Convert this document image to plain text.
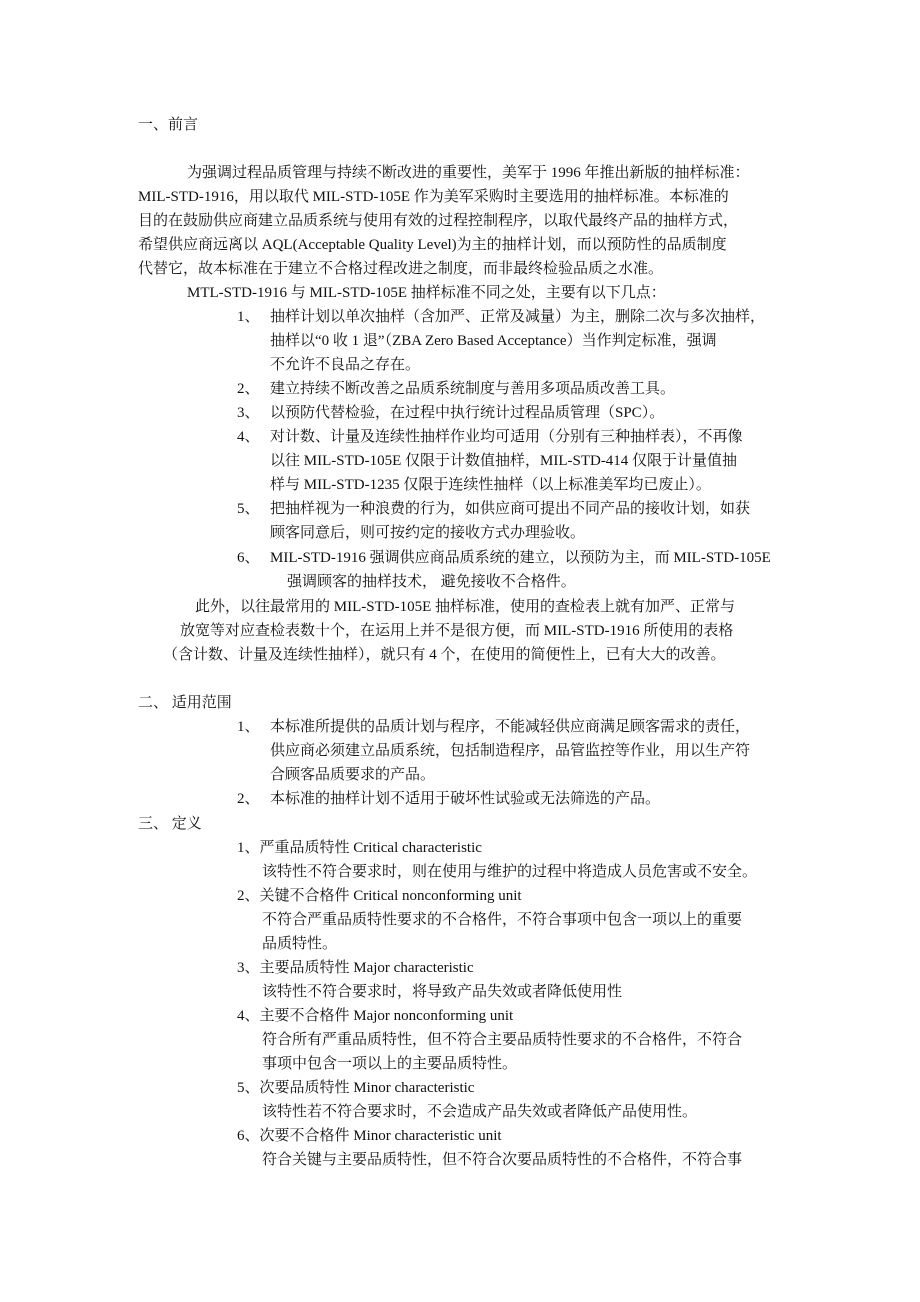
一、前言
为强调过程品质管理与持续不断改进的重要性，美军于 1996 年推出新版的抽样标准：
MIL-STD-1916，用以取代 MIL-STD-105E 作为美军采购时主要选用的抽样标准。本标准的
目的在鼓励供应商建立品质系统与使用有效的过程控制程序，以取代最终产品的抽样方式，
希望供应商远离以 AQL(Acceptable Quality Level)为主的抽样计划，而以预防性的品质制度
代替它，故本标准在于建立不合格过程改进之制度，而非最终检验品质之水准。
MTL-STD-1916 与 MIL-STD-105E 抽样标准不同之处，主要有以下几点：
1、 抽样计划以单次抽样（含加严、正常及减量）为主，删除二次与多次抽样，
抽样以“0 收 1 退”（ZBA Zero Based Acceptance）当作判定标准，强调
不允许不良品之存在。
2、 建立持续不断改善之品质系统制度与善用多项品质改善工具。
3、 以预防代替检验，在过程中执行统计过程品质管理（SPC）。
4、 对计数、计量及连续性抽样作业均可适用（分别有三种抽样表），不再像
以往 MIL-STD-105E 仅限于计数值抽样，MIL-STD-414 仅限于计量值抽
样与 MIL-STD-1235 仅限于连续性抽样（以上标准美军均已废止）。
5、 把抽样视为一种浪费的行为，如供应商可提出不同产品的接收计划，如获
顾客同意后，则可按约定的接收方式办理验收。
6、 MIL-STD-1916 强调供应商品质系统的建立，以预防为主，而 MIL-STD-105E
强调顾客的抽样技术， 避免接收不合格件。
此外，以往最常用的 MIL-STD-105E 抽样标准，使用的查检表上就有加严、正常与
放宽等对应查检表数十个，在运用上并不是很方便，而 MIL-STD-1916 所使用的表格
（含计数、计量及连续性抽样），就只有 4 个，在使用的简便性上，已有大大的改善。
二、 适用范围
1、 本标准所提供的品质计划与程序，不能减轻供应商满足顾客需求的责任，
供应商必须建立品质系统，包括制造程序，品管监控等作业，用以生产符
合顾客品质要求的产品。
2、 本标准的抽样计划不适用于破坏性试验或无法筛选的产品。
三、 定义
1、严重品质特性 Critical characteristic
该特性不符合要求时，则在使用与维护的过程中将造成人员危害或不安全。
2、关键不合格件 Critical nonconforming unit
不符合严重品质特性要求的不合格件，不符合事项中包含一项以上的重要
品质特性。
3、主要品质特性 Major characteristic
该特性不符合要求时，将导致产品失效或者降低使用性
4、主要不合格件 Major nonconforming unit
符合所有严重品质特性，但不符合主要品质特性要求的不合格件，不符合
事项中包含一项以上的主要品质特性。
5、次要品质特性 Minor characteristic
该特性若不符合要求时，不会造成产品失效或者降低产品使用性。
6、次要不合格件 Minor characteristic unit
符合关键与主要品质特性，但不符合次要品质特性的不合格件，不符合事
